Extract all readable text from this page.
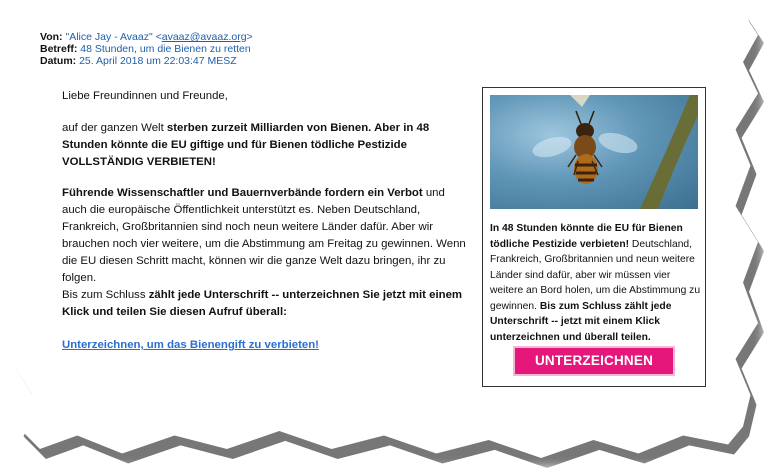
Von: "Alice Jay - Avaaz" <avaaz@avaaz.org>
Betreff: 48 Stunden, um die Bienen zu retten
Datum: 25. April 2018 um 22:03:47 MESZ

Liebe Freundinnen und Freunde,

auf der ganzen Welt sterben zurzeit Milliarden von Bienen. Aber in 48 Stunden könnte die EU giftige und für Bienen tödliche Pestizide VOLLSTÄNDIG VERBIETEN!

Führende Wissenschaftler und Bauernverbände fordern ein Verbot und auch die europäische Öffentlichkeit unterstützt es. Neben Deutschland, Frankreich, Großbritannien sind noch neun weitere Länder dafür. Aber wir brauchen noch vier weitere, um die Abstimmung am Freitag zu gewinnen. Wenn die EU diesen Schritt macht, können wir die ganze Welt dazu bringen, ihr zu folgen.

Bis zum Schluss zählt jede Unterschrift -- unterzeichnen Sie jetzt mit einem Klick und teilen Sie diesen Aufruf überall:

Unterzeichnen, um das Bienengift zu verbieten!

In 48 Stunden könnte die EU für Bienen tödliche Pestizide verbieten! Deutschland, Frankreich, Großbritannien und neun weitere Länder sind dafür, aber wir müssen vier weitere an Bord holen, um die Abstimmung zu gewinnen. Bis zum Schluss zählt jede Unterschrift -- jetzt mit einem Klick unterzeichnen und überall teilen.
UNTERZEICHNEN
